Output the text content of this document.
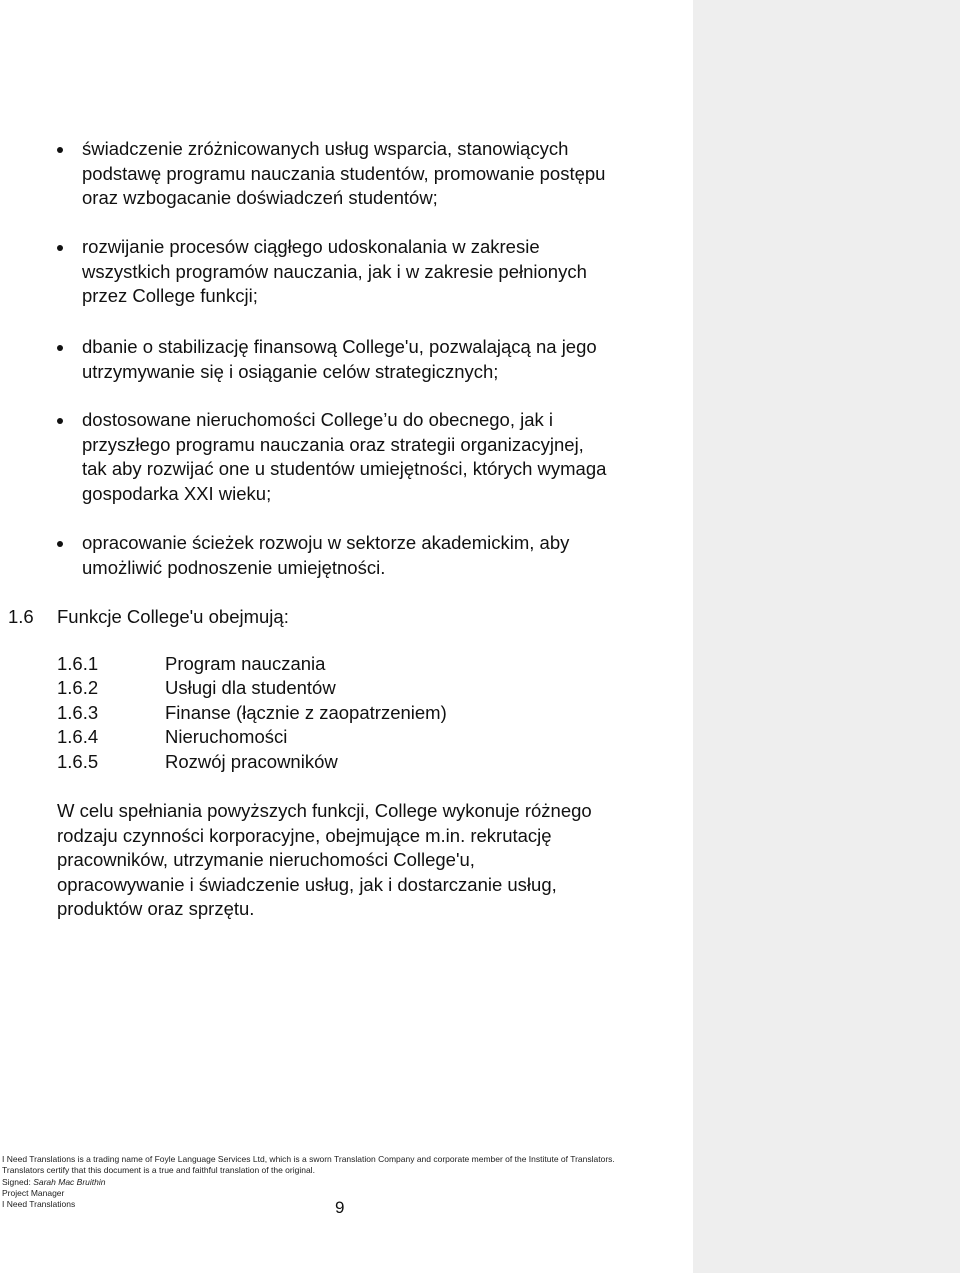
świadczenie zróżnicowanych usług wsparcia, stanowiących
podstawę programu nauczania studentów, promowanie postępu
oraz wzbogacanie doświadczeń studentów;
rozwijanie procesów ciągłego udoskonalania w zakresie
wszystkich programów nauczania, jak i w zakresie pełnionych
przez College funkcji;
dbanie o stabilizację finansową College'u, pozwalającą na jego
utrzymywanie się i osiąganie celów strategicznych;
dostosowane nieruchomości College’u do obecnego, jak i
przyszłego programu nauczania oraz strategii organizacyjnej,
tak aby rozwijać one u studentów umiejętności, których wymaga
gospodarka XXI wieku;
opracowanie ścieżek rozwoju w sektorze akademickim, aby
umożliwić podnoszenie umiejętności.
1.6 Funkcje College'u obejmują:
1.6.1	Program nauczania
1.6.2	Usługi dla studentów
1.6.3	Finanse (łącznie z zaopatrzeniem)
1.6.4	Nieruchomości
1.6.5	Rozwój pracowników
W celu spełniania powyższych funkcji, College wykonuje różnego
rodzaju czynności korporacyjne, obejmujące m.in. rekrutację
pracowników, utrzymanie nieruchomości College'u,
opracowywanie i świadczenie usług, jak i dostarczanie usług,
produktów oraz sprzętu.
I Need Translations is a trading name of Foyle Language Services Ltd, which is a sworn Translation Company and corporate member of the Institute of Translators.
Translators certify that this document is a true and faithful translation of the original.
Signed: Sarah Mac Bruithin
Project Manager
I Need Translations	9
